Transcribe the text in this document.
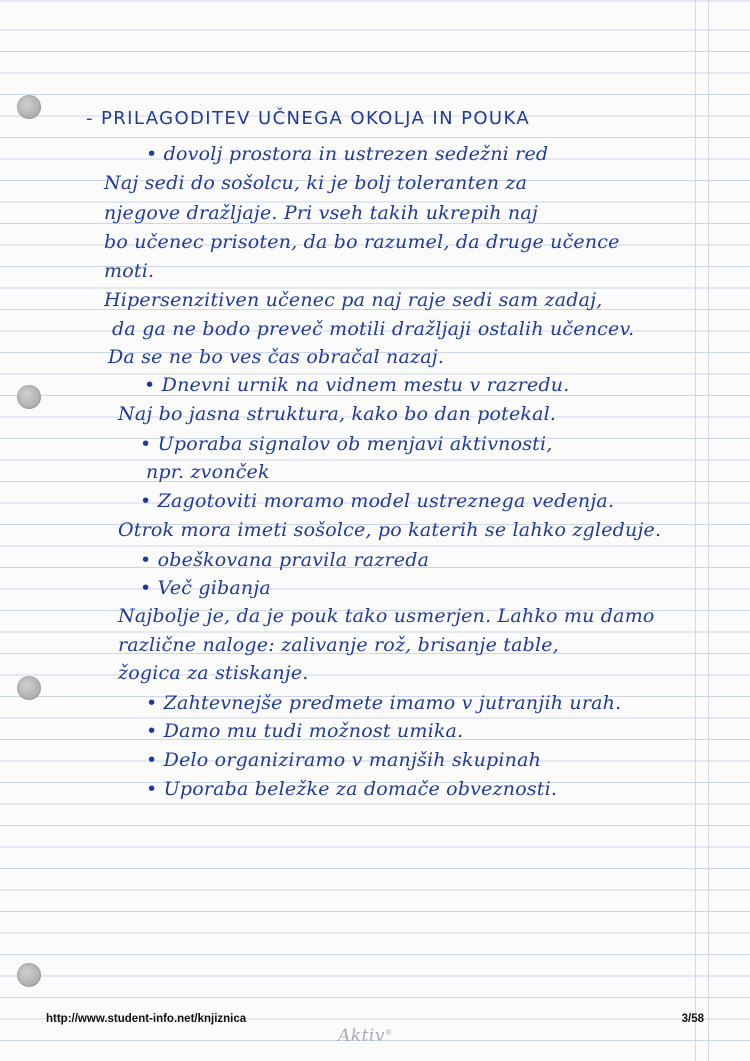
- PRILAGODITEV UČNEGA OKOLJA IN POUKA
• dovolj prostora in ustrezen sedežni red
Naj sedi do sošolcu, ki je bolj toleranten za
njegove dražljaje. Pri vseh takih ukrepih naj
bo učenec prisoten, da bo razumel, da druge učence
moti.
Hipersenzitiven učenec pa naj raje sedi sam zadaj,
da ga ne bodo preveč motili dražljaji ostalih učencev.
Da se ne bo ves čas obračal nazaj.
• Dnevni urnik na vidnem mestu v razredu.
Naj bo jasna struktura, kako bo dan potekal.
• Uporaba signalov ob menjavi aktivnosti,
npr. zvonček
• Zagotoviti moramo model ustreznega vedenja.
Otrok mora imeti sošolce, po katerih se lahko zgleduje.
• obeškovana pravila razreda
• Več gibanja
Najbolje je, da je pouk tako usmerjen. Lahko mu damo
različne naloge: zalivanje rož, brisanje table,
žogica za stiskanje.
• Zahtevnejše predmete imamo v jutranjih urah.
• Damo mu tudi možnost umika.
• Delo organiziramo v manjših skupinah
• Uporaba beležke za domače obveznosti.
http://www.student-info.net/knjiznica	3/58
Aktiv®
